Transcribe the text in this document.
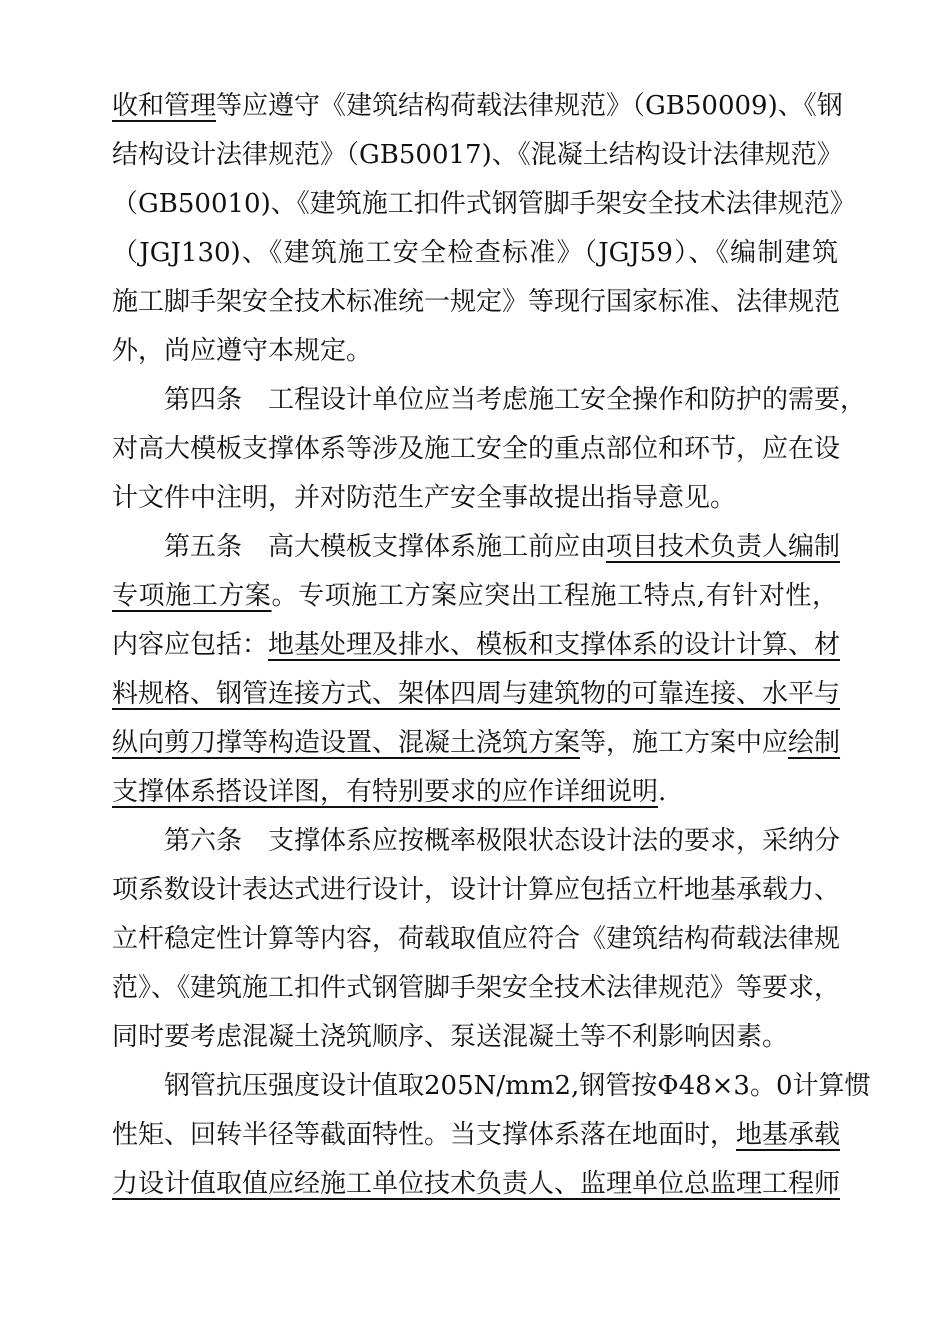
收和管理等应遵守《建筑结构荷载法律规范》（GB50009)、《钢
结构设计法律规范》（GB50017)、《混凝土结构设计法律规范》
（GB50010)、《建筑施工扣件式钢管脚手架安全技术法律规范》
（JGJ130)、《建筑施工安全检查标准》（JGJ59）、《编制建筑
施工脚手架安全技术标准统一规定》等现行国家标准、法律规范
外，尚应遵守本规定。
第四条　工程设计单位应当考虑施工安全操作和防护的需要，
对高大模板支撑体系等涉及施工安全的重点部位和环节，应在设
计文件中注明，并对防范生产安全事故提出指导意见。
第五条　高大模板支撑体系施工前应由项目技术负责人编制
专项施工方案。专项施工方案应突出工程施工特点,有针对性，
内容应包括：地基处理及排水、模板和支撑体系的设计计算、材
料规格、钢管连接方式、架体四周与建筑物的可靠连接、水平与
纵向剪刀撑等构造设置、混凝土浇筑方案等，施工方案中应绘制
支撑体系搭设详图，有特别要求的应作详细说明.
第六条　支撑体系应按概率极限状态设计法的要求，采纳分
项系数设计表达式进行设计，设计计算应包括立杆地基承载力、
立杆稳定性计算等内容，荷载取值应符合《建筑结构荷载法律规
范》、《建筑施工扣件式钢管脚手架安全技术法律规范》等要求，
同时要考虑混凝土浇筑顺序、泵送混凝土等不利影响因素。
钢管抗压强度设计值取205N/mm2,钢管按Φ48×3。0计算惯
性矩、回转半径等截面特性。当支撑体系落在地面时，地基承载
力设计值取值应经施工单位技术负责人、监理单位总监理工程师
